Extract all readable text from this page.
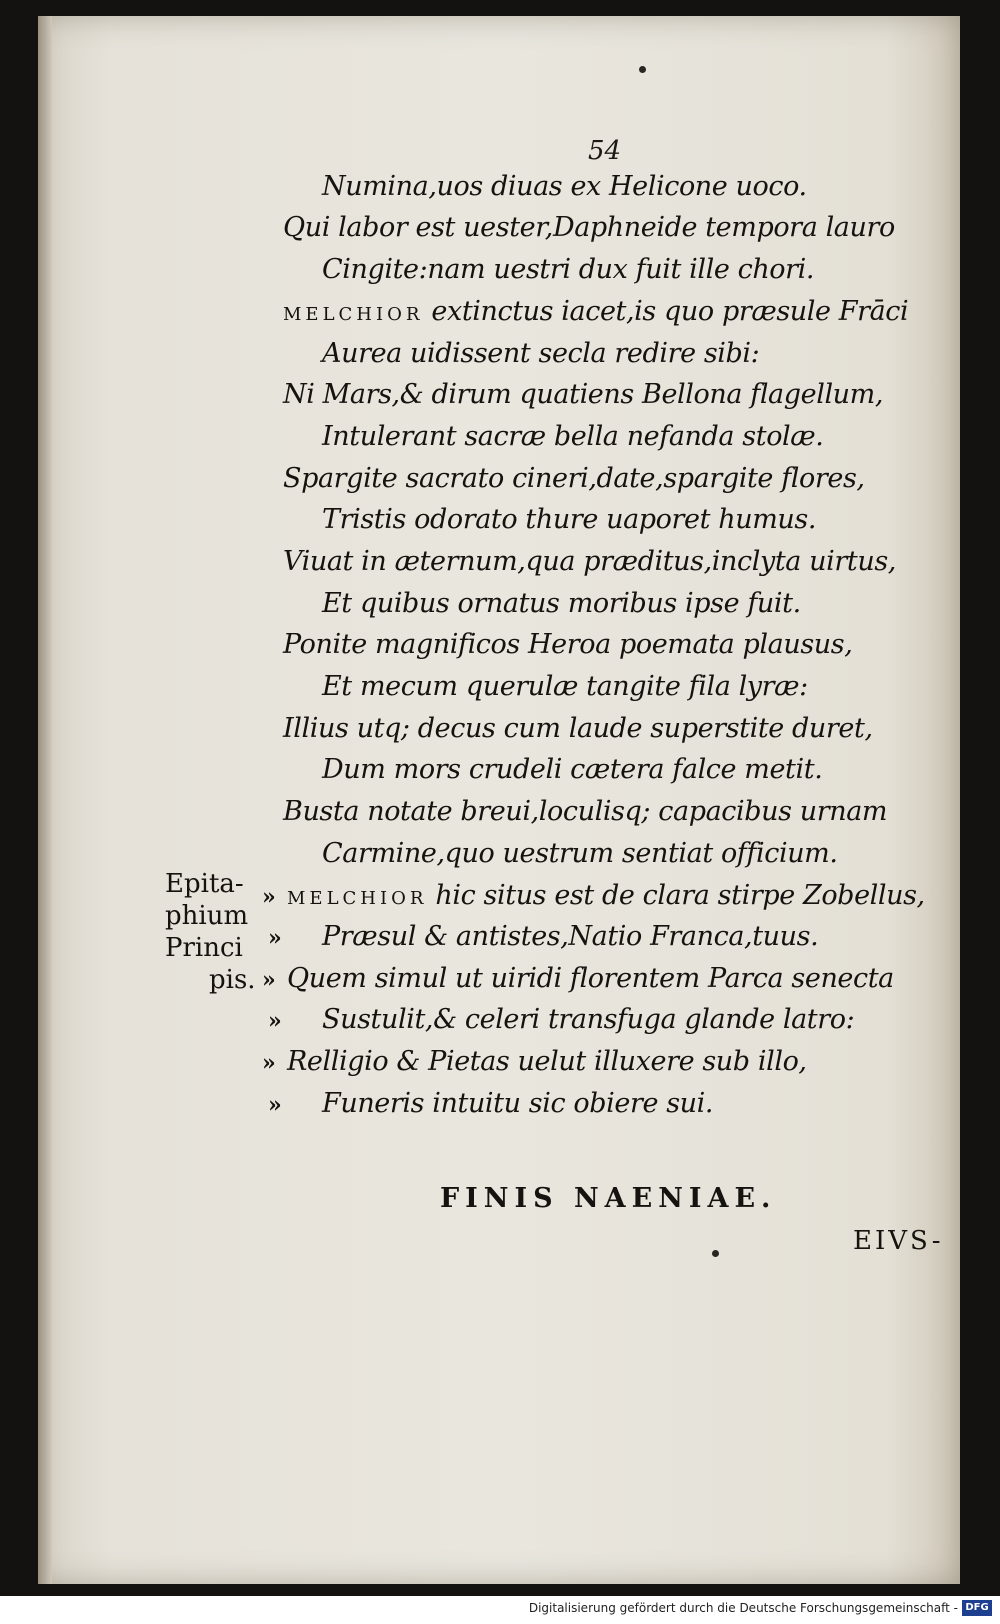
54
Numina,uos diuas ex Helicone uoco.
Qui labor est uester,Daphneide tempora lauro
Cingite:nam uestri dux fuit ille chori.
MELCHIOR extinctus iacet,is quo præsule Frāci
Aurea uidissent secla redire sibi:
Ni Mars,& dirum quatiens Bellona flagellum,
Intulerant sacræ bella nefanda stolæ.
Spargite sacrato cineri,date,spargite flores,
Tristis odorato thure uaporet humus.
Viuat in æternum,qua præditus,inclyta uirtus,
Et quibus ornatus moribus ipse fuit.
Ponite magnificos Heroa poemata plausus,
Et mecum querulæ tangite fila lyræ:
Illius utq; decus cum laude superstite duret,
Dum mors crudeli cætera falce metit.
Busta notate breui,loculisq; capacibus urnam
Carmine,quo uestrum sentiat officium.
MELCHIOR hic situs est de clara stirpe Zobellus,
Præsul & antistes,Natio Franca,tuus.
Quem simul ut uiridi florentem Parca senecta
Sustulit,& celeri transfuga glande latro:
Relligio & Pietas uelut illuxere sub illo,
Funeris intuitu sic obiere sui.
»
»
»
»
»
»
Epita-
phium
Princi
pis.
FINIS NAENIAE.
EIVS-
Digitalisierung gefördert durch die Deutsche Forschungsgemeinschaft - DFG
